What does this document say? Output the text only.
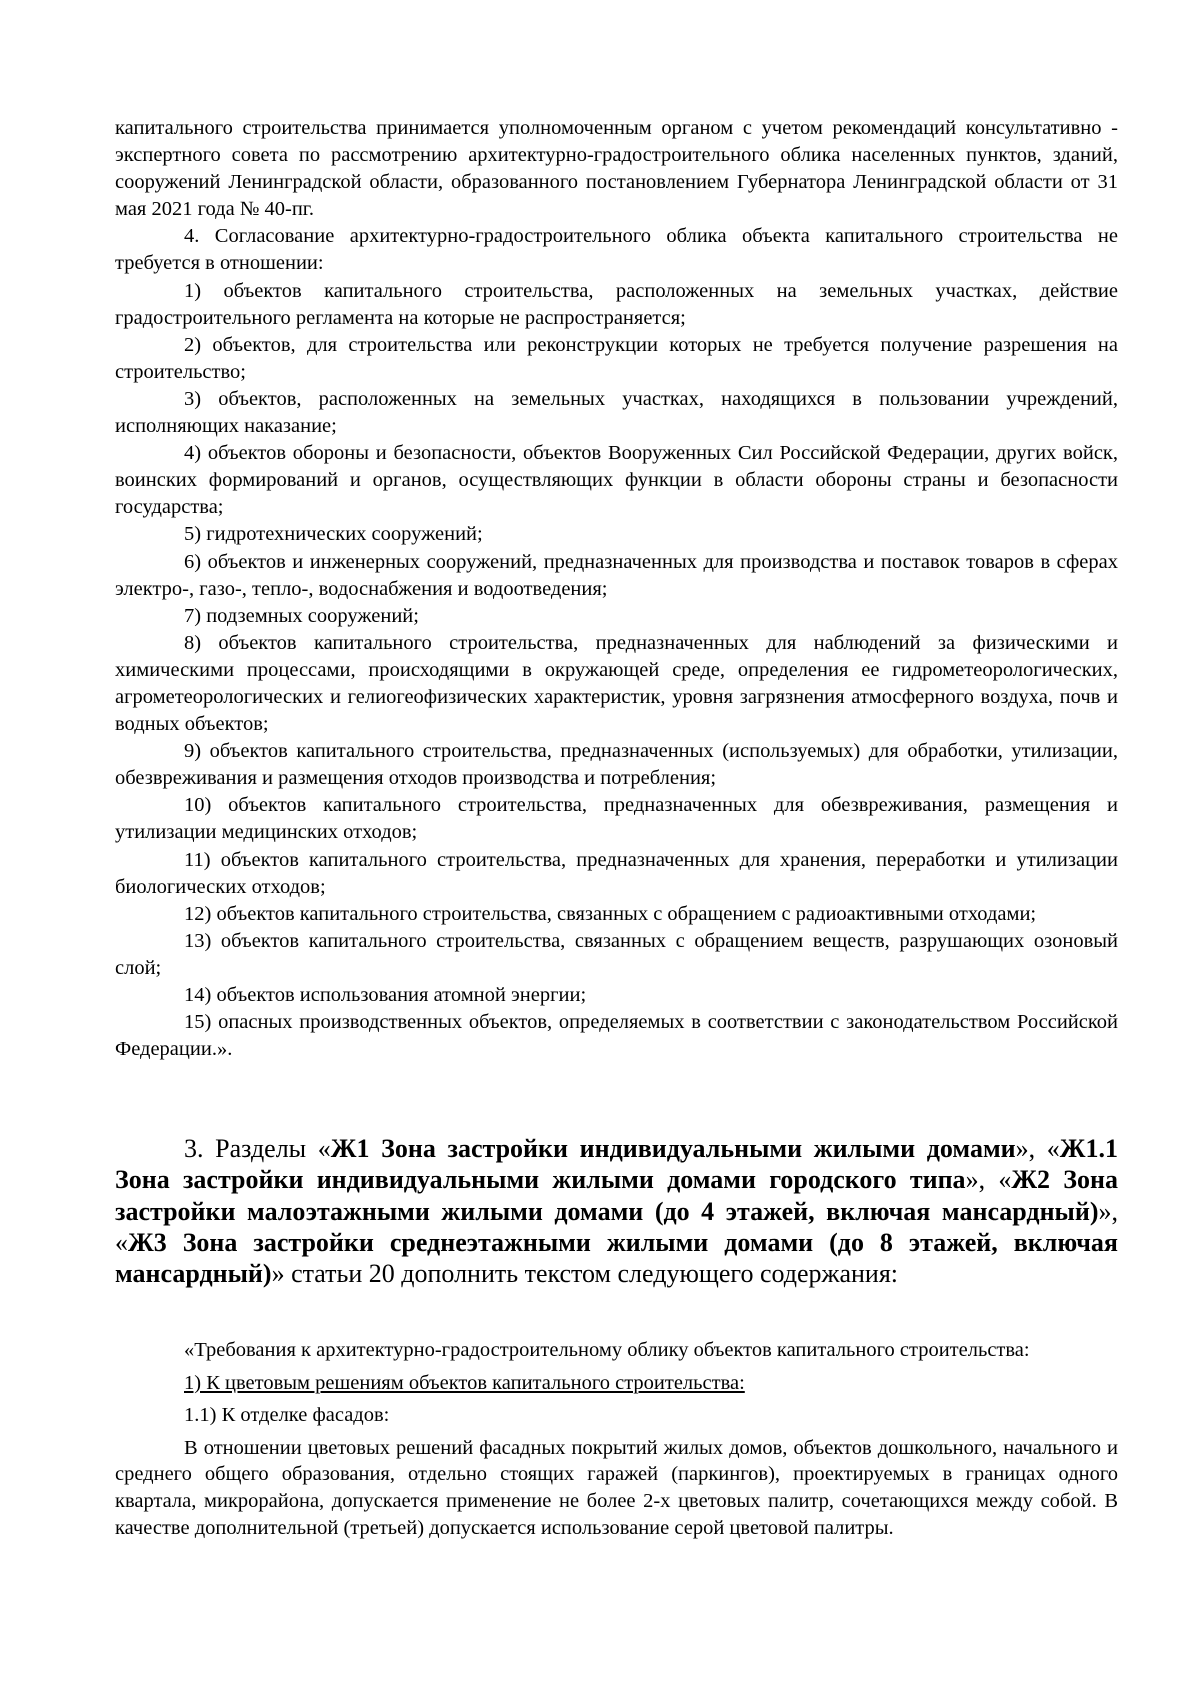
капитального строительства принимается уполномоченным органом с учетом рекомендаций консультативно - экспертного совета по рассмотрению архитектурно-градостроительного облика населенных пунктов, зданий, сооружений Ленинградской области, образованного постановлением Губернатора Ленинградской области от 31 мая 2021 года № 40-пг.

4. Согласование архитектурно-градостроительного облика объекта капитального строительства не требуется в отношении:

1) объектов капитального строительства, расположенных на земельных участках, действие градостроительного регламента на которые не распространяется;

2) объектов, для строительства или реконструкции которых не требуется получение разрешения на строительство;

3) объектов, расположенных на земельных участках, находящихся в пользовании учреждений, исполняющих наказание;

4) объектов обороны и безопасности, объектов Вооруженных Сил Российской Федерации, других войск, воинских формирований и органов, осуществляющих функции в области обороны страны и безопасности государства;

5) гидротехнических сооружений;

6) объектов и инженерных сооружений, предназначенных для производства и поставок товаров в сферах электро-, газо-, тепло-, водоснабжения и водоотведения;

7) подземных сооружений;

8) объектов капитального строительства, предназначенных для наблюдений за физическими и химическими процессами, происходящими в окружающей среде, определения ее гидрометеорологических, агрометеорологических и гелиогеофизических характеристик, уровня загрязнения атмосферного воздуха, почв и водных объектов;

9) объектов капитального строительства, предназначенных (используемых) для обработки, утилизации, обезвреживания и размещения отходов производства и потребления;

10) объектов капитального строительства, предназначенных для обезвреживания, размещения и утилизации медицинских отходов;

11) объектов капитального строительства, предназначенных для хранения, переработки и утилизации биологических отходов;

12) объектов капитального строительства, связанных с обращением с радиоактивными отходами;

13) объектов капитального строительства, связанных с обращением веществ, разрушающих озоновый слой;

14) объектов использования атомной энергии;

15) опасных производственных объектов, определяемых в соответствии с законодательством Российской Федерации.».

3. Разделы «Ж1 Зона застройки индивидуальными жилыми домами», «Ж1.1 Зона застройки индивидуальными жилыми домами городского типа», «Ж2 Зона застройки малоэтажными жилыми домами (до 4 этажей, включая мансардный)», «Ж3 Зона застройки среднеэтажными жилыми домами (до 8 этажей, включая мансардный)» статьи 20 дополнить текстом следующего содержания:

«Требования к архитектурно-градостроительному облику объектов капитального строительства:

1) К цветовым решениям объектов капитального строительства:

1.1) К отделке фасадов:

В отношении цветовых решений фасадных покрытий жилых домов, объектов дошкольного, начального и среднего общего образования, отдельно стоящих гаражей (паркингов), проектируемых в границах одного квартала, микрорайона, допускается применение не более 2-х цветовых палитр, сочетающихся между собой. В качестве дополнительной (третьей) допускается использование серой цветовой палитры.
